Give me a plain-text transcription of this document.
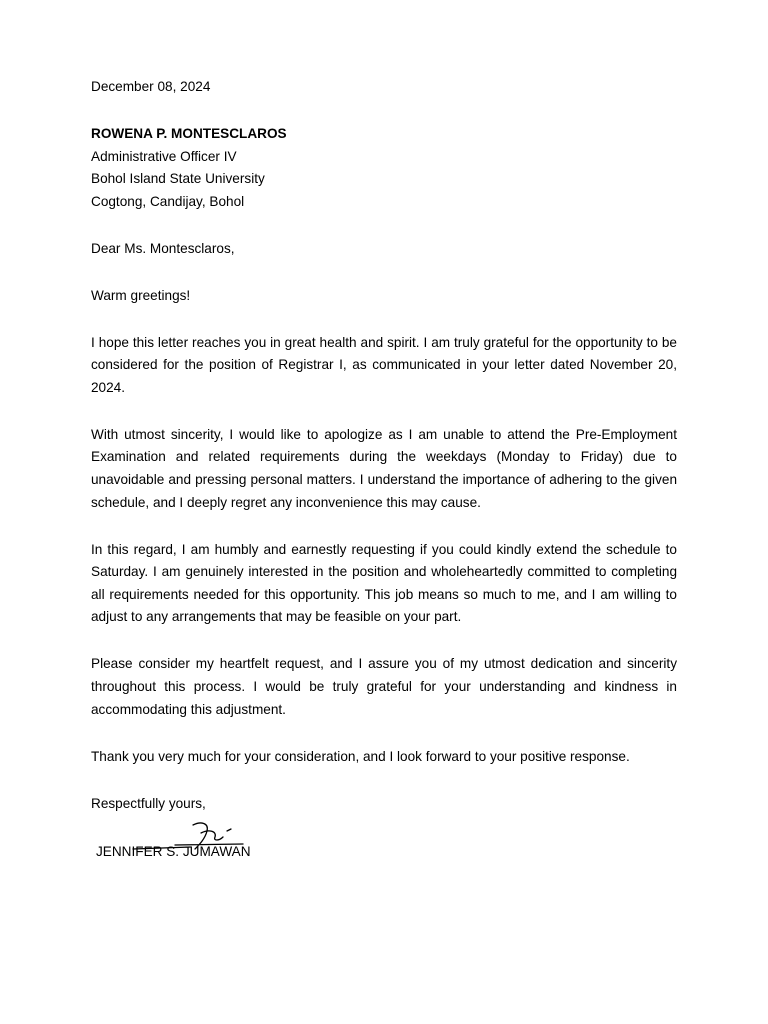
December 08, 2024

ROWENA P. MONTESCLAROS

Administrative Officer IV

Bohol Island State University

Cogtong, Candijay, Bohol

Dear Ms. Montesclaros,

Warm greetings!

I hope this letter reaches you in great health and spirit. I am truly grateful for the opportunity to be considered for the position of Registrar I, as communicated in your letter dated November 20, 2024.

With utmost sincerity, I would like to apologize as I am unable to attend the Pre-Employment Examination and related requirements during the weekdays (Monday to Friday) due to unavoidable and pressing personal matters. I understand the importance of adhering to the given schedule, and I deeply regret any inconvenience this may cause.

In this regard, I am humbly and earnestly requesting if you could kindly extend the schedule to Saturday. I am genuinely interested in the position and wholeheartedly committed to completing all requirements needed for this opportunity. This job means so much to me, and I am willing to adjust to any arrangements that may be feasible on your part.

Please consider my heartfelt request, and I assure you of my utmost dedication and sincerity throughout this process. I would be truly grateful for your understanding and kindness in accommodating this adjustment.

Thank you very much for your consideration, and I look forward to your positive response.

Respectfully yours,

JENNIFER S. JUMAWAN
